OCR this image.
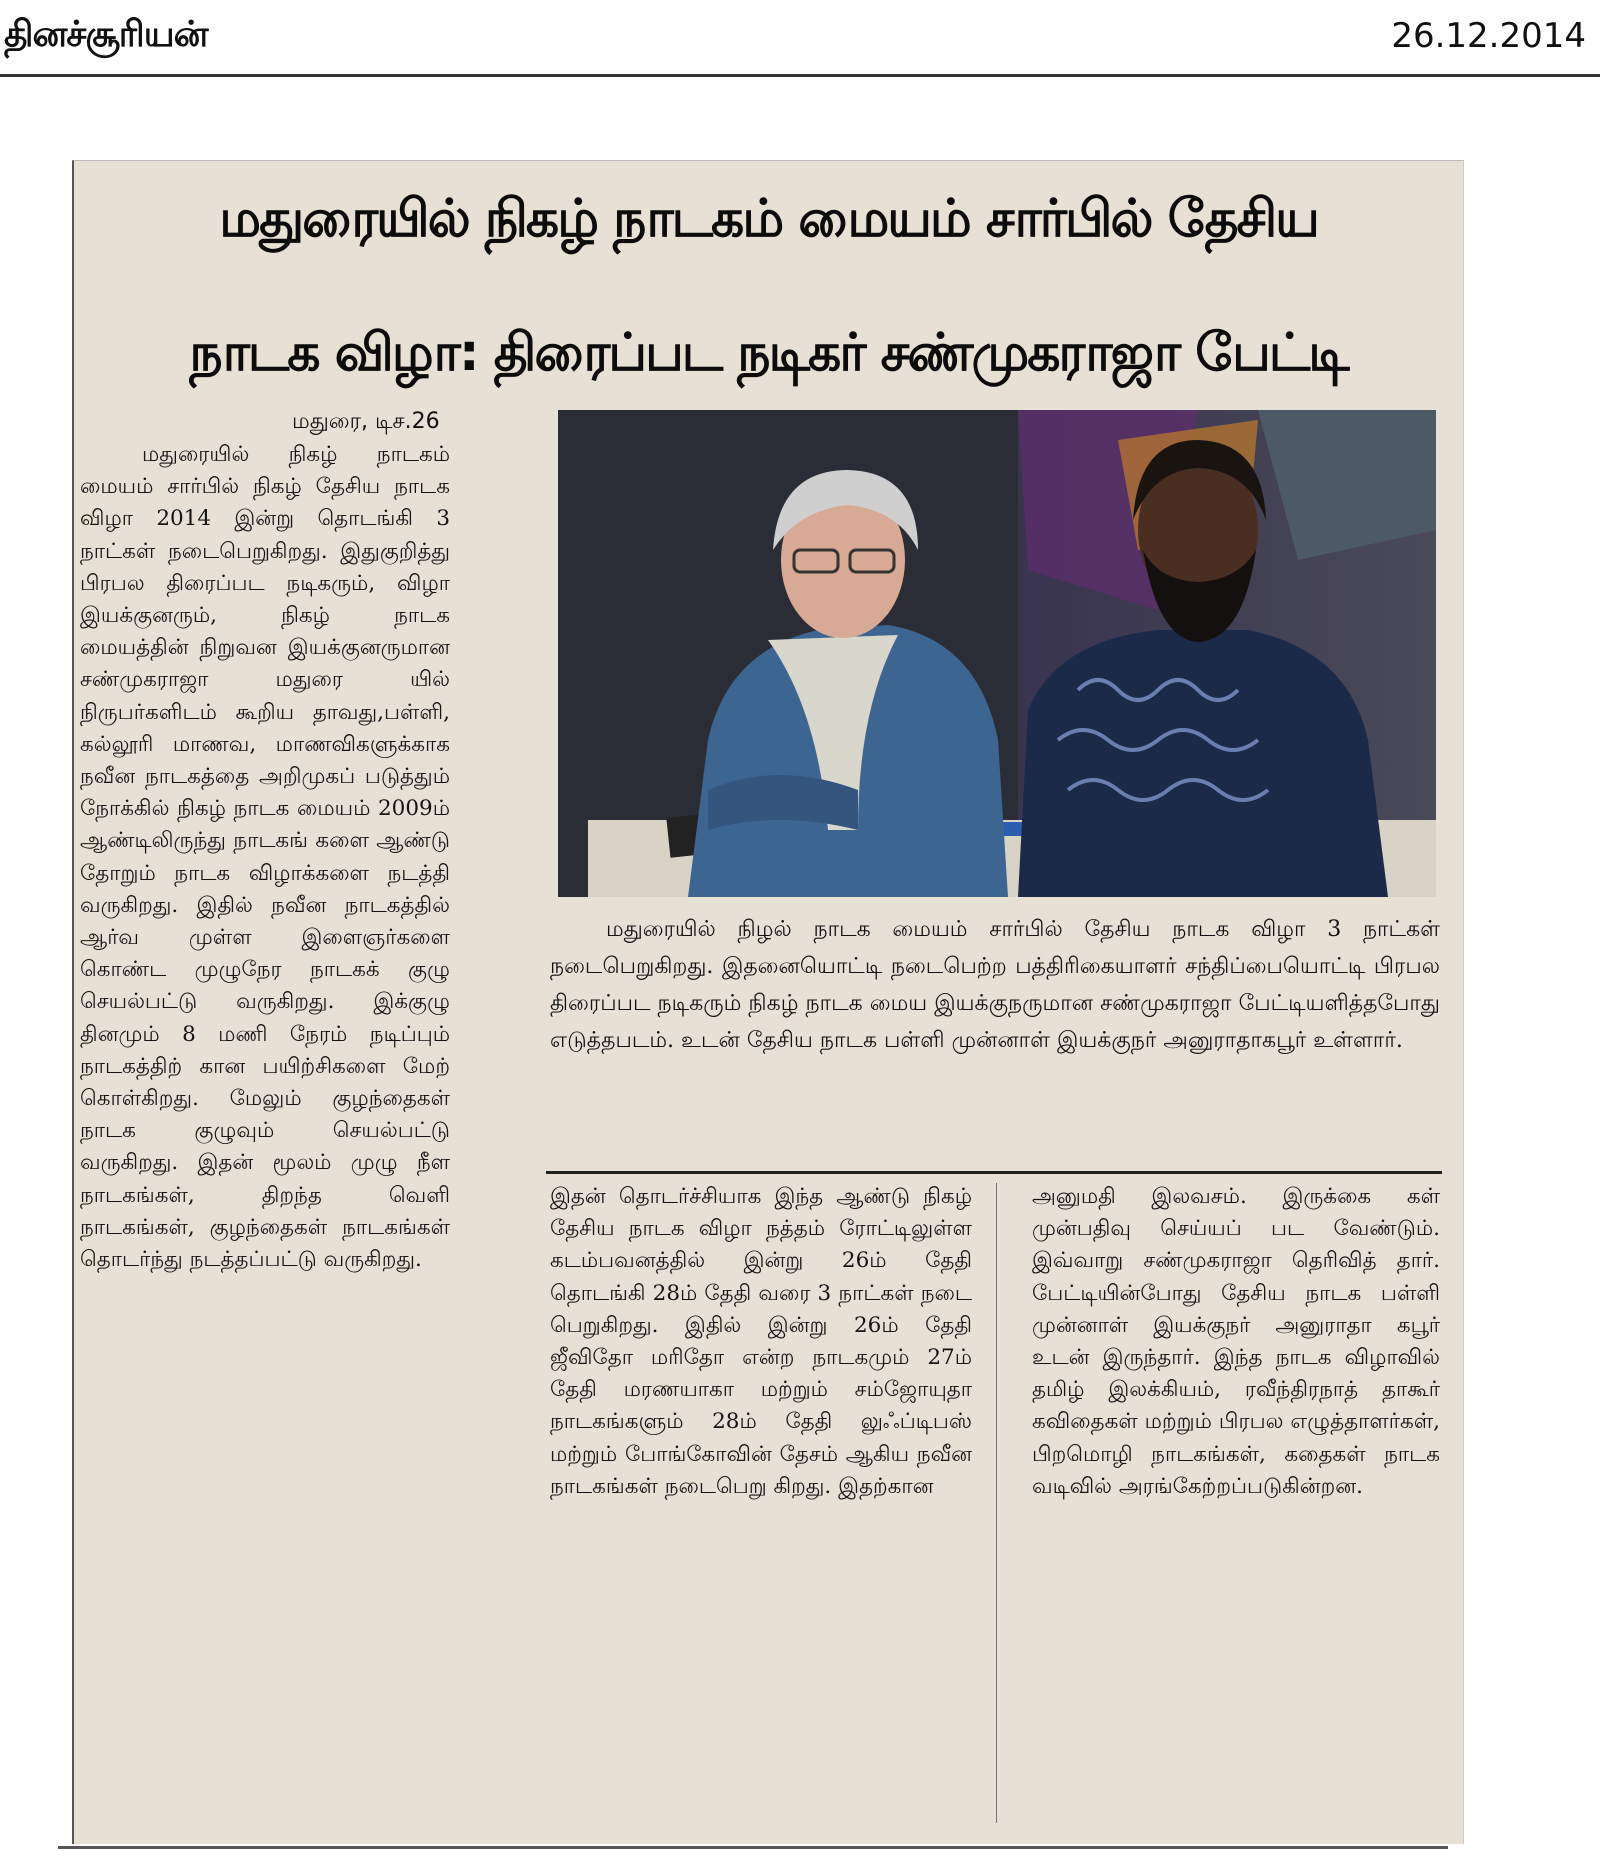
தினச்சூரியன்	26.12.2014
மதுரையில் நிகழ் நாடகம் மையம் சார்பில் தேசிய
நாடக விழா: திரைப்பட நடிகர் சண்முகராஜா பேட்டி
மதுரை, டிச.26

மதுரையில் நிகழ் நாடகம் மையம் சார்பில் நிகழ் தேசிய நாடக விழா 2014 இன்று தொடங்கி 3 நாட்கள் நடைபெறுகிறது. இதுகுறித்து பிரபல திரைப்பட நடிகரும், விழா இயக்குனரும், நிகழ் நாடக மையத்தின் நிறுவன இயக்குனருமான சண்முகராஜா மதுரை யில் நிருபர்களிடம் கூறிய தாவது,பள்ளி, கல்லூரி மாணவ, மாணவிகளுக்காக நவீன நாடகத்தை அறிமுகப் படுத்தும் நோக்கில் நிகழ் நாடக மையம் 2009ம் ஆண்டிலிருந்து நாடகங் களை ஆண்டு தோறும் நாடக விழாக்களை நடத்தி வருகிறது. இதில் நவீன நாடகத்தில் ஆர்வ முள்ள இளைஞர்களை கொண்ட முழுநேர நாடகக் குழு செயல்பட்டு வருகிறது. இக்குழு தினமும் 8 மணி நேரம் நடிப்பும் நாடகத்திற் கான பயிற்சிகளை மேற் கொள்கிறது. மேலும் குழந்தைகள் நாடக குழுவும் செயல்பட்டு வருகிறது. இதன் மூலம் முழு நீள நாடகங்கள், திறந்த வெளி நாடகங்கள், குழந்தைகள் நாடகங்கள் தொடர்ந்து நடத்தப்பட்டு வருகிறது.

மதுரையில் நிழல் நாடக மையம் சார்பில் தேசிய நாடக விழா 3 நாட்கள் நடைபெறுகிறது. இதனையொட்டி நடைபெற்ற பத்திரிகையாளர் சந்திப்பையொட்டி பிரபல திரைப்பட நடிகரும் நிகழ் நாடக மைய இயக்குநருமான சண்முகராஜா பேட்டியளித்தபோது எடுத்தபடம். உடன் தேசிய நாடக பள்ளி முன்னாள் இயக்குநர் அனுராதாகபூர் உள்ளார்.

இதன் தொடர்ச்சியாக இந்த ஆண்டு நிகழ் தேசிய நாடக விழா நத்தம் ரோட்டிலுள்ள கடம்பவனத்தில் இன்று 26ம் தேதி தொடங்கி 28ம் தேதி வரை 3 நாட்கள் நடை பெறுகிறது. இதில் இன்று 26ம் தேதி ஜீவிதோ மரிதோ என்ற நாடகமும் 27ம் தேதி மரணயாகா மற்றும் சம்ஜோயுதா நாடகங்களும் 28ம் தேதி லுஃப்டிபஸ் மற்றும் போங்கோவின் தேசம் ஆகிய நவீன நாடகங்கள் நடைபெறு கிறது. இதற்கான

அனுமதி இலவசம். இருக்கை கள் முன்பதிவு செய்யப் பட வேண்டும். இவ்வாறு சண்முகராஜா தெரிவித் தார். பேட்டியின்போது தேசிய நாடக பள்ளி முன்னாள் இயக்குநர் அனுராதா கபூர் உடன் இருந்தார். இந்த நாடக விழாவில் தமிழ் இலக்கியம், ரவீந்திரநாத் தாகூர் கவிதைகள் மற்றும் பிரபல எழுத்தாளர்கள், பிறமொழி நாடகங்கள், கதைகள் நாடக வடிவில் அரங்கேற்றப்படுகின்றன.
